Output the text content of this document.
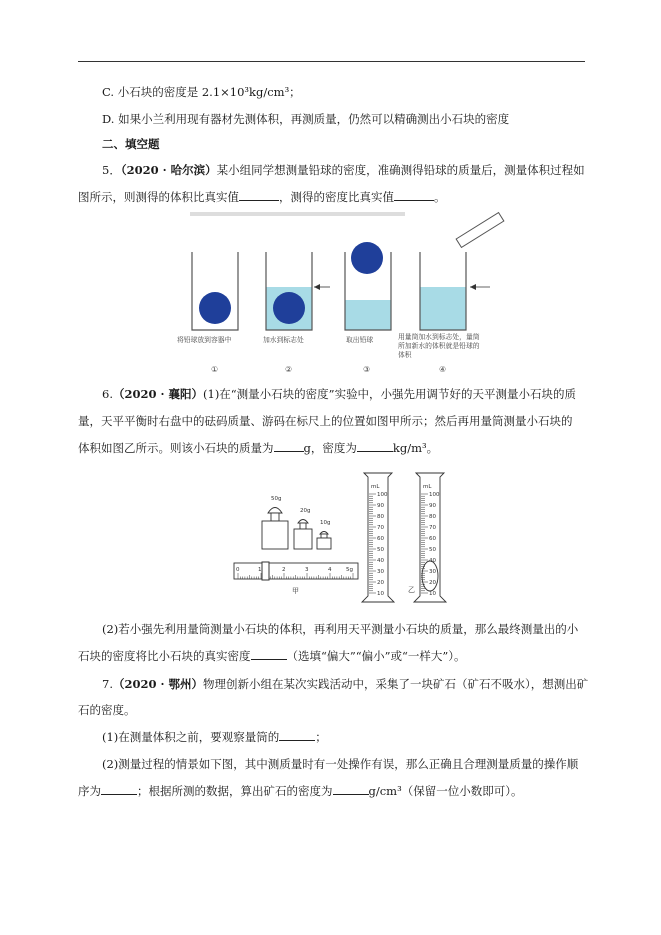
C. 小石块的密度是 2.1×10³kg/cm³；
D. 如果小兰利用现有器材先测体积，再测质量，仍然可以精确测出小石块的密度
二、填空题
5．（2020 · 哈尔滨）某小组同学想测量铅球的密度，准确测得铅球的质量后，测量体积过程如
图所示，则测得的体积比真实值	，测得的密度比真实值	。
将铅球放到容器中	加水到标志处	取出铅球	用量筒加水到标志处，量筒
所加新水的体积就是铅球的
体积
①	②	③	④
6.（2020 · 襄阳）(1)在“测量小石块的密度”实验中，小强先用调节好的天平测量小石块的质
量，天平平衡时右盘中的砝码质量、游码在标尺上的位置如图甲所示；然后再用量筒测量小石块的
体积如图乙所示。则该小石块的质量为	g，密度为	kg/m³。
50g
20g
10g
0	1	2	3	4	5g
甲
mL
100
90
80
70
60
50
40
30
20
10
mL
100
90
80
70
60
50
40
30
20
10
乙
(2)若小强先利用量筒测量小石块的体积，再利用天平测量小石块的质量，那么最终测量出的小
石块的密度将比小石块的真实密度	（选填“偏大”“偏小”或“一样大”）。
7.（2020 · 鄂州）物理创新小组在某次实践活动中，采集了一块矿石（矿石不吸水），想测出矿
石的密度。
(1)在测量体积之前，要观察量筒的	；
(2)测量过程的情景如下图，其中测质量时有一处操作有误，那么正确且合理测量质量的操作顺
序为	；根据所测的数据，算出矿石的密度为	g/cm³（保留一位小数即可）。
